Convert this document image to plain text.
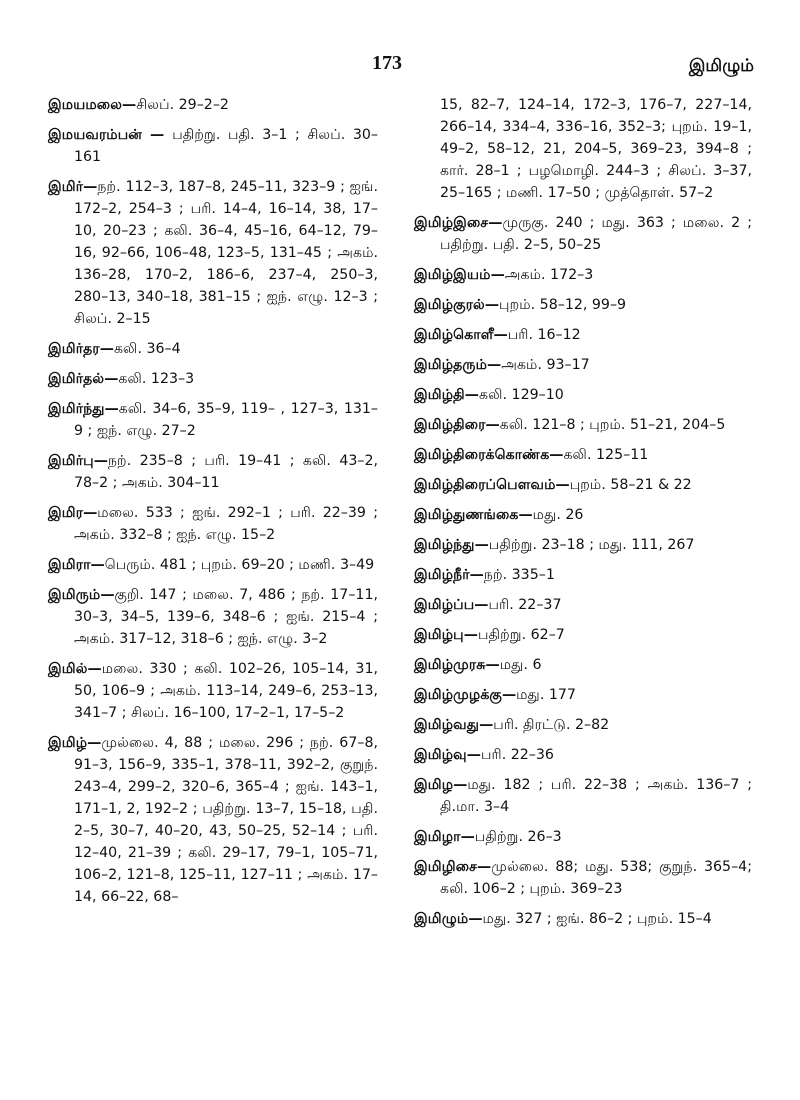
173	இமிழும்
இமயமலை—சிலப். 29–2–2
இமயவரம்பன் — பதிற்று. பதி. 3–1 ; சிலப். 30–161
இமிர்—நற். 112–3, 187–8, 245–11, 323–9 ; ஐங். 172–2, 254–3 ; பரி. 14–4, 16–14, 38, 17–10, 20–23 ; கலி. 36–4, 45–16, 64–12, 79–16, 92–66, 106–48, 123–5, 131–45 ; அகம். 136–28, 170–2, 186–6, 237–4, 250–3, 280–13, 340–18, 381–15 ; ஐந். எழு. 12–3 ; சிலப். 2–15
இமிர்தர—கலி. 36–4
இமிர்தல்—கலி. 123–3
இமிர்ந்து—கலி. 34–6, 35–9, 119– , 127–3, 131–9 ; ஐந். எழு. 27–2
இமிர்பு—நற். 235–8 ; பரி. 19–41 ; கலி. 43–2, 78–2 ; அகம். 304–11
இமிர—மலை. 533 ; ஐங். 292–1 ; பரி. 22–39 ; அகம். 332–8 ; ஐந். எழு. 15–2
இமிரா—பெரும். 481 ; புறம். 69–20 ; மணி. 3–49
இமிரும்—குறி. 147 ; மலை. 7, 486 ; நற். 17–11, 30–3, 34–5, 139–6, 348–6 ; ஐங். 215–4 ; அகம். 317–12, 318–6 ; ஐந். எழு. 3–2
இமில்—மலை. 330 ; கலி. 102–26, 105–14, 31, 50, 106–9 ; அகம். 113–14, 249–6, 253–13, 341–7 ; சிலப். 16–100, 17–2–1, 17–5–2
இமிழ்—முல்லை. 4, 88 ; மலை. 296 ; நற். 67–8, 91–3, 156–9, 335–1, 378–11, 392–2, குறுந். 243–4, 299–2, 320–6, 365–4 ; ஐங். 143–1, 171–1, 2, 192–2 ; பதிற்று. 13–7, 15–18, பதி. 2–5, 30–7, 40–20, 43, 50–25, 52–14 ; பரி. 12–40, 21–39 ; கலி. 29–17, 79–1, 105–71, 106–2, 121–8, 125–11, 127–11 ; அகம். 17–14, 66–22, 68–
15, 82–7, 124–14, 172–3, 176–7, 227–14, 266–14, 334–4, 336–16, 352–3; புறம். 19–1, 49–2, 58–12, 21, 204–5, 369–23, 394–8 ; கார். 28–1 ; பழமொழி. 244–3 ; சிலப். 3–37, 25–165 ; மணி. 17–50 ; முத்தொள். 57–2
இமிழ்இசை—முருகு. 240 ; மது. 363 ; மலை. 2 ; பதிற்று. பதி. 2–5, 50–25
இமிழ்இயம்—அகம். 172–3
இமிழ்குரல்—புறம். 58–12, 99–9
இமிழ்கொளீ—பரி. 16–12
இமிழ்தரும்—அகம். 93–17
இமிழ்தி—கலி. 129–10
இமிழ்திரை—கலி. 121–8 ; புறம். 51–21, 204–5
இமிழ்திரைக்கொண்க—கலி. 125–11
இமிழ்திரைப்பௌவம்—புறம். 58–21 & 22
இமிழ்துணங்கை—மது. 26
இமிழ்ந்து—பதிற்று. 23–18 ; மது. 111, 267
இமிழ்நீர்—நற். 335–1
இமிழ்ப்ப—பரி. 22–37
இமிழ்பு—பதிற்று. 62–7
இமிழ்முரசு—மது. 6
இமிழ்முழக்கு—மது. 177
இமிழ்வது—பரி. திரட்டு. 2–82
இமிழ்வு—பரி. 22–36
இமிழ—மது. 182 ; பரி. 22–38 ; அகம். 136–7 ; தி.மா. 3–4
இமிழா—பதிற்று. 26–3
இமிழிசை—முல்லை. 88; மது. 538; குறுந். 365–4; கலி. 106–2 ; புறம். 369–23
இமிழும்—மது. 327 ; ஐங். 86–2 ; புறம். 15–4
